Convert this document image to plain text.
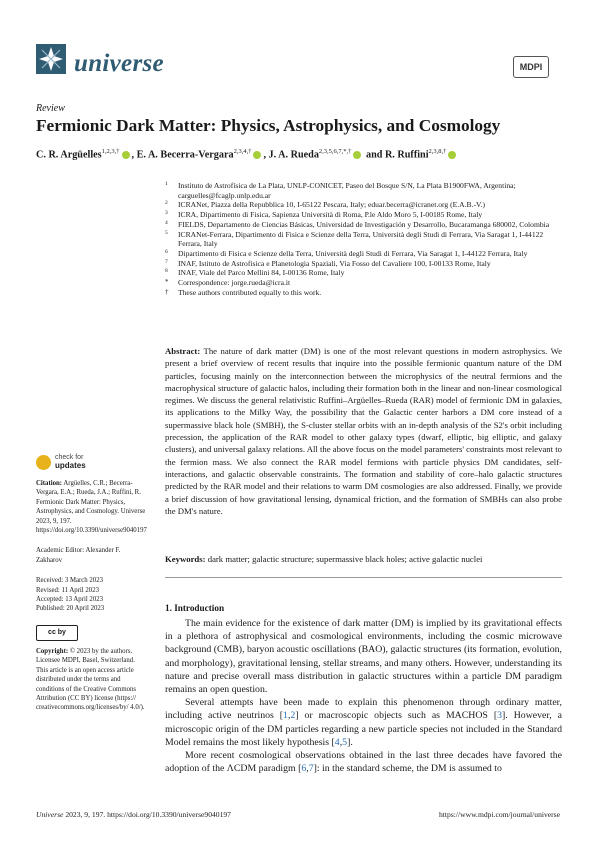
universe	MDPI
Review
Fermionic Dark Matter: Physics, Astrophysics, and Cosmology
C. R. Argüelles$^{1,2,3,\dagger}$ , E. A. Becerra-Vergara$^{2,3,4,\dagger}$ , J. A. Rueda$^{2,3,5,6,7,*,\dagger}$ and R. Ruffini$^{2,3,8,\dagger}$
1 Instituto de Astrofísica de La Plata, UNLP-CONICET, Paseo del Bosque S/N, La Plata B1900FWA, Argentina; carguelles@fcaglp.unlp.edu.ar
2 ICRANet, Piazza della Repubblica 10, I-65122 Pescara, Italy; eduar.becerra@icranet.org (E.A.B.-V.)
3 ICRA, Dipartimento di Fisica, Sapienza Università di Roma, P.le Aldo Moro 5, I-00185 Rome, Italy
4 FIELDS, Departamento de Ciencias Básicas, Universidad de Investigación y Desarrollo, Bucaramanga 680002, Colombia
5 ICRANet-Ferrara, Dipartimento di Fisica e Scienze della Terra, Università degli Studi di Ferrara, Via Saragat 1, I-44122 Ferrara, Italy
6 Dipartimento di Fisica e Scienze della Terra, Università degli Studi di Ferrara, Via Saragat 1, I-44122 Ferrara, Italy
7 INAF, Istituto de Astrofisica e Planetologia Spaziali, Via Fosso del Cavaliere 100, I-00133 Rome, Italy
8 INAF, Viale del Parco Mellini 84, I-00136 Rome, Italy
* Correspondence: jorge.rueda@icra.it
† These authors contributed equally to this work.
Abstract: The nature of dark matter (DM) is one of the most relevant questions in modern astrophysics. We present a brief overview of recent results that inquire into the possible fermionic quantum nature of the DM particles, focusing mainly on the interconnection between the microphysics of the neutral fermions and the macrophysical structure of galactic halos, including their formation both in the linear and non-linear cosmological regimes. We discuss the general relativistic Ruffini–Argüelles–Rueda (RAR) model of fermionic DM in galaxies, its applications to the Milky Way, the possibility that the Galactic center harbors a DM core instead of a supermassive black hole (SMBH), the S-cluster stellar orbits with an in-depth analysis of the S2's orbit including precession, the application of the RAR model to other galaxy types (dwarf, elliptic, big elliptic, and galaxy clusters), and universal galaxy relations. All the above focus on the model parameters' constraints most relevant to the fermion mass. We also connect the RAR model fermions with particle physics DM candidates, self-interactions, and galactic observable constraints. The formation and stability of core–halo galactic structures predicted by the RAR model and their relations to warm DM cosmologies are also addressed. Finally, we provide a brief discussion of how gravitational lensing, dynamical friction, and the formation of SMBHs can also probe the DM's nature.
Keywords: dark matter; galactic structure; supermassive black holes; active galactic nuclei
check for
updates
Citation: Argüelles, C.R.; Becerra-Vergara, E.A.; Rueda, J.A.; Ruffini, R. Fermionic Dark Matter: Physics, Astrophysics, and Cosmology. Universe 2023, 9, 197. https://doi.org/10.3390/universe9040197
Academic Editor: Alexander F. Zakharov
Received: 3 March 2023
Revised: 11 April 2023
Accepted: 13 April 2023
Published: 20 April 2023
cc by
Copyright: © 2023 by the authors. Licensee MDPI, Basel, Switzerland. This article is an open access article distributed under the terms and conditions of the Creative Commons Attribution (CC BY) license (https:// creativecommons.org/licenses/by/ 4.0/).
1. Introduction

The main evidence for the existence of dark matter (DM) is implied by its gravitational effects in a plethora of astrophysical and cosmological environments, including the cosmic microwave background (CMB), baryon acoustic oscillations (BAO), galactic structures (its formation, evolution, and morphology), gravitational lensing, stellar streams, and many others. However, understanding its nature and precise overall mass distribution in galactic structures within a particle DM paradigm remains an open question.

Several attempts have been made to explain this phenomenon through ordinary matter, including active neutrinos [1,2] or macroscopic objects such as MACHOS [3]. However, a microscopic origin of the DM particles regarding a new particle species not included in the Standard Model remains the most likely hypothesis [4,5].

More recent cosmological observations obtained in the last three decades have favored the adoption of the ΛCDM paradigm [6,7]: in the standard scheme, the DM is assumed to

Universe 2023, 9, 197. https://doi.org/10.3390/universe9040197	https://www.mdpi.com/journal/universe
